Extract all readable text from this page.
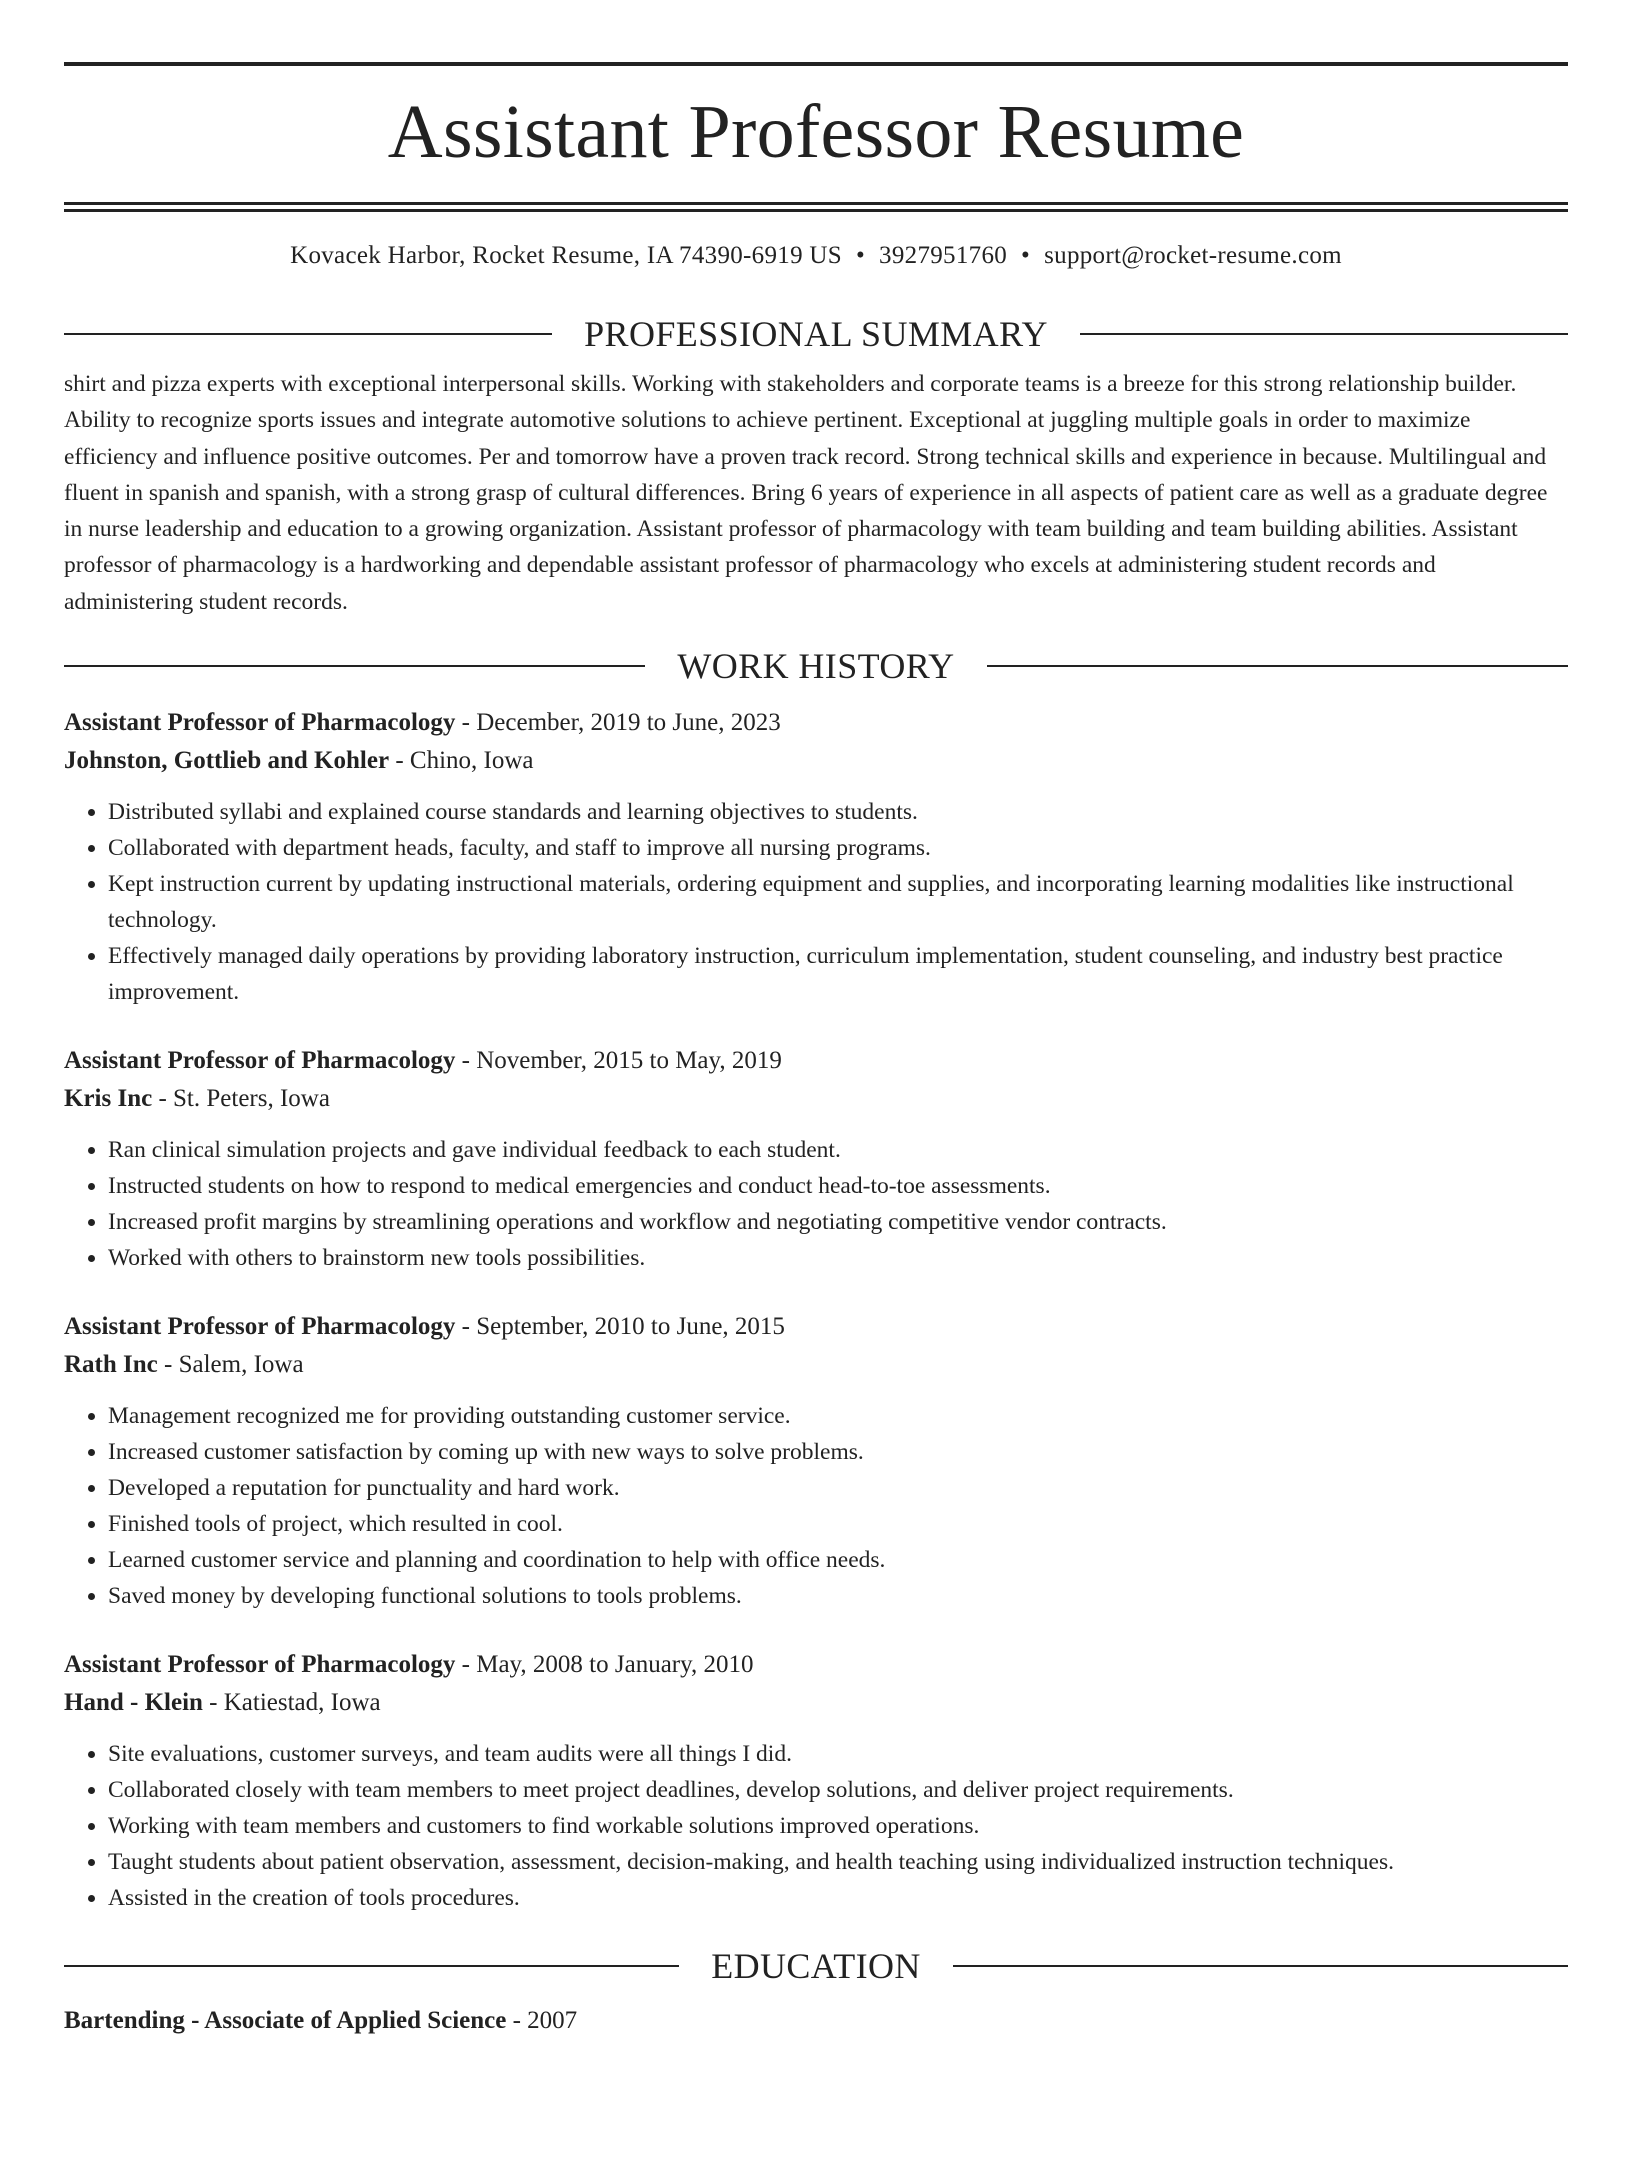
Assistant Professor Resume
Kovacek Harbor, Rocket Resume, IA 74390-6919 US • 3927951760 • support@rocket-resume.com
PROFESSIONAL SUMMARY

shirt and pizza experts with exceptional interpersonal skills. Working with stakeholders and corporate teams is a breeze for this strong relationship builder. Ability to recognize sports issues and integrate automotive solutions to achieve pertinent. Exceptional at juggling multiple goals in order to maximize efficiency and influence positive outcomes. Per and tomorrow have a proven track record. Strong technical skills and experience in because. Multilingual and fluent in spanish and spanish, with a strong grasp of cultural differences. Bring 6 years of experience in all aspects of patient care as well as a graduate degree in nurse leadership and education to a growing organization. Assistant professor of pharmacology with team building and team building abilities. Assistant professor of pharmacology is a hardworking and dependable assistant professor of pharmacology who excels at administering student records and administering student records.

WORK HISTORY
Assistant Professor of Pharmacology - December, 2019 to June, 2023
Johnston, Gottlieb and Kohler - Chino, Iowa
• Distributed syllabi and explained course standards and learning objectives to students.
• Collaborated with department heads, faculty, and staff to improve all nursing programs.
• Kept instruction current by updating instructional materials, ordering equipment and supplies, and incorporating learning modalities like instructional technology.
• Effectively managed daily operations by providing laboratory instruction, curriculum implementation, student counseling, and industry best practice improvement.
Assistant Professor of Pharmacology - November, 2015 to May, 2019
Kris Inc - St. Peters, Iowa
• Ran clinical simulation projects and gave individual feedback to each student.
• Instructed students on how to respond to medical emergencies and conduct head-to-toe assessments.
• Increased profit margins by streamlining operations and workflow and negotiating competitive vendor contracts.
• Worked with others to brainstorm new tools possibilities.
Assistant Professor of Pharmacology - September, 2010 to June, 2015
Rath Inc - Salem, Iowa
• Management recognized me for providing outstanding customer service.
• Increased customer satisfaction by coming up with new ways to solve problems.
• Developed a reputation for punctuality and hard work.
• Finished tools of project, which resulted in cool.
• Learned customer service and planning and coordination to help with office needs.
• Saved money by developing functional solutions to tools problems.
Assistant Professor of Pharmacology - May, 2008 to January, 2010
Hand - Klein - Katiestad, Iowa
• Site evaluations, customer surveys, and team audits were all things I did.
• Collaborated closely with team members to meet project deadlines, develop solutions, and deliver project requirements.
• Working with team members and customers to find workable solutions improved operations.
• Taught students about patient observation, assessment, decision-making, and health teaching using individualized instruction techniques.
• Assisted in the creation of tools procedures.
EDUCATION
Bartending - Associate of Applied Science - 2007
